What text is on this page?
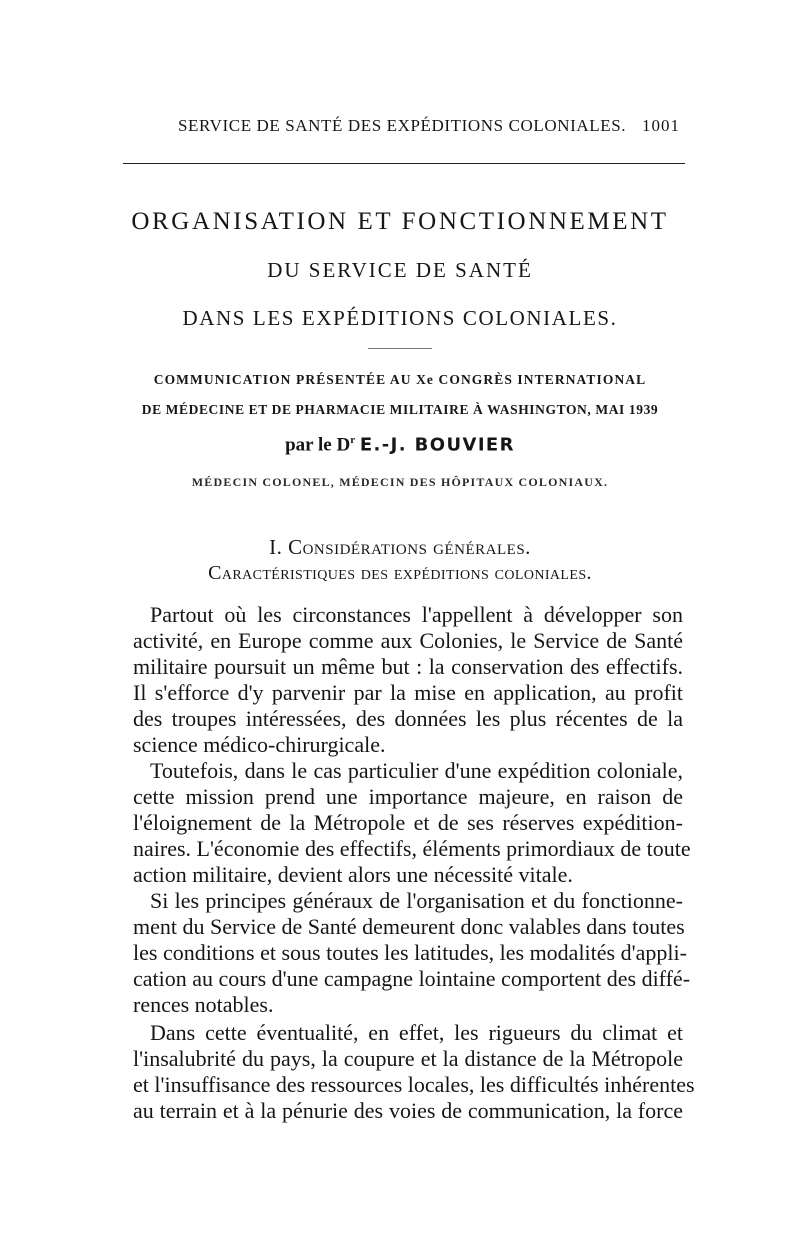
SERVICE DE SANTÉ DES EXPÉDITIONS COLONIALES. 1001
ORGANISATION ET FONCTIONNEMENT
DU SERVICE DE SANTÉ
DANS LES EXPÉDITIONS COLONIALES.
COMMUNICATION PRÉSENTÉE AU Xe CONGRÈS INTERNATIONAL
DE MÉDECINE ET DE PHARMACIE MILITAIRE À WASHINGTON, MAI 1939
par le $D^r$ E.-J. BOUVIER
MÉDECIN COLONEL, MÉDECIN DES HÔPITAUX COLONIAUX.
I. Considérations générales.
Caractéristiques des expéditions coloniales.
Partout où les circonstances l'appellent à développer son
activité, en Europe comme aux Colonies, le Service de Santé
militaire poursuit un même but : la conservation des effectifs.
Il s'efforce d'y parvenir par la mise en application, au profit
des troupes intéressées, des données les plus récentes de la
science médico-chirurgicale.
Toutefois, dans le cas particulier d'une expédition coloniale,
cette mission prend une importance majeure, en raison de
l'éloignement de la Métropole et de ses réserves expédition-
naires. L'économie des effectifs, éléments primordiaux de toute
action militaire, devient alors une nécessité vitale.
Si les principes généraux de l'organisation et du fonctionne-
ment du Service de Santé demeurent donc valables dans toutes
les conditions et sous toutes les latitudes, les modalités d'appli-
cation au cours d'une campagne lointaine comportent des diffé-
rences notables.
Dans cette éventualité, en effet, les rigueurs du climat et
l'insalubrité du pays, la coupure et la distance de la Métropole
et l'insuffisance des ressources locales, les difficultés inhérentes
au terrain et à la pénurie des voies de communication, la force
